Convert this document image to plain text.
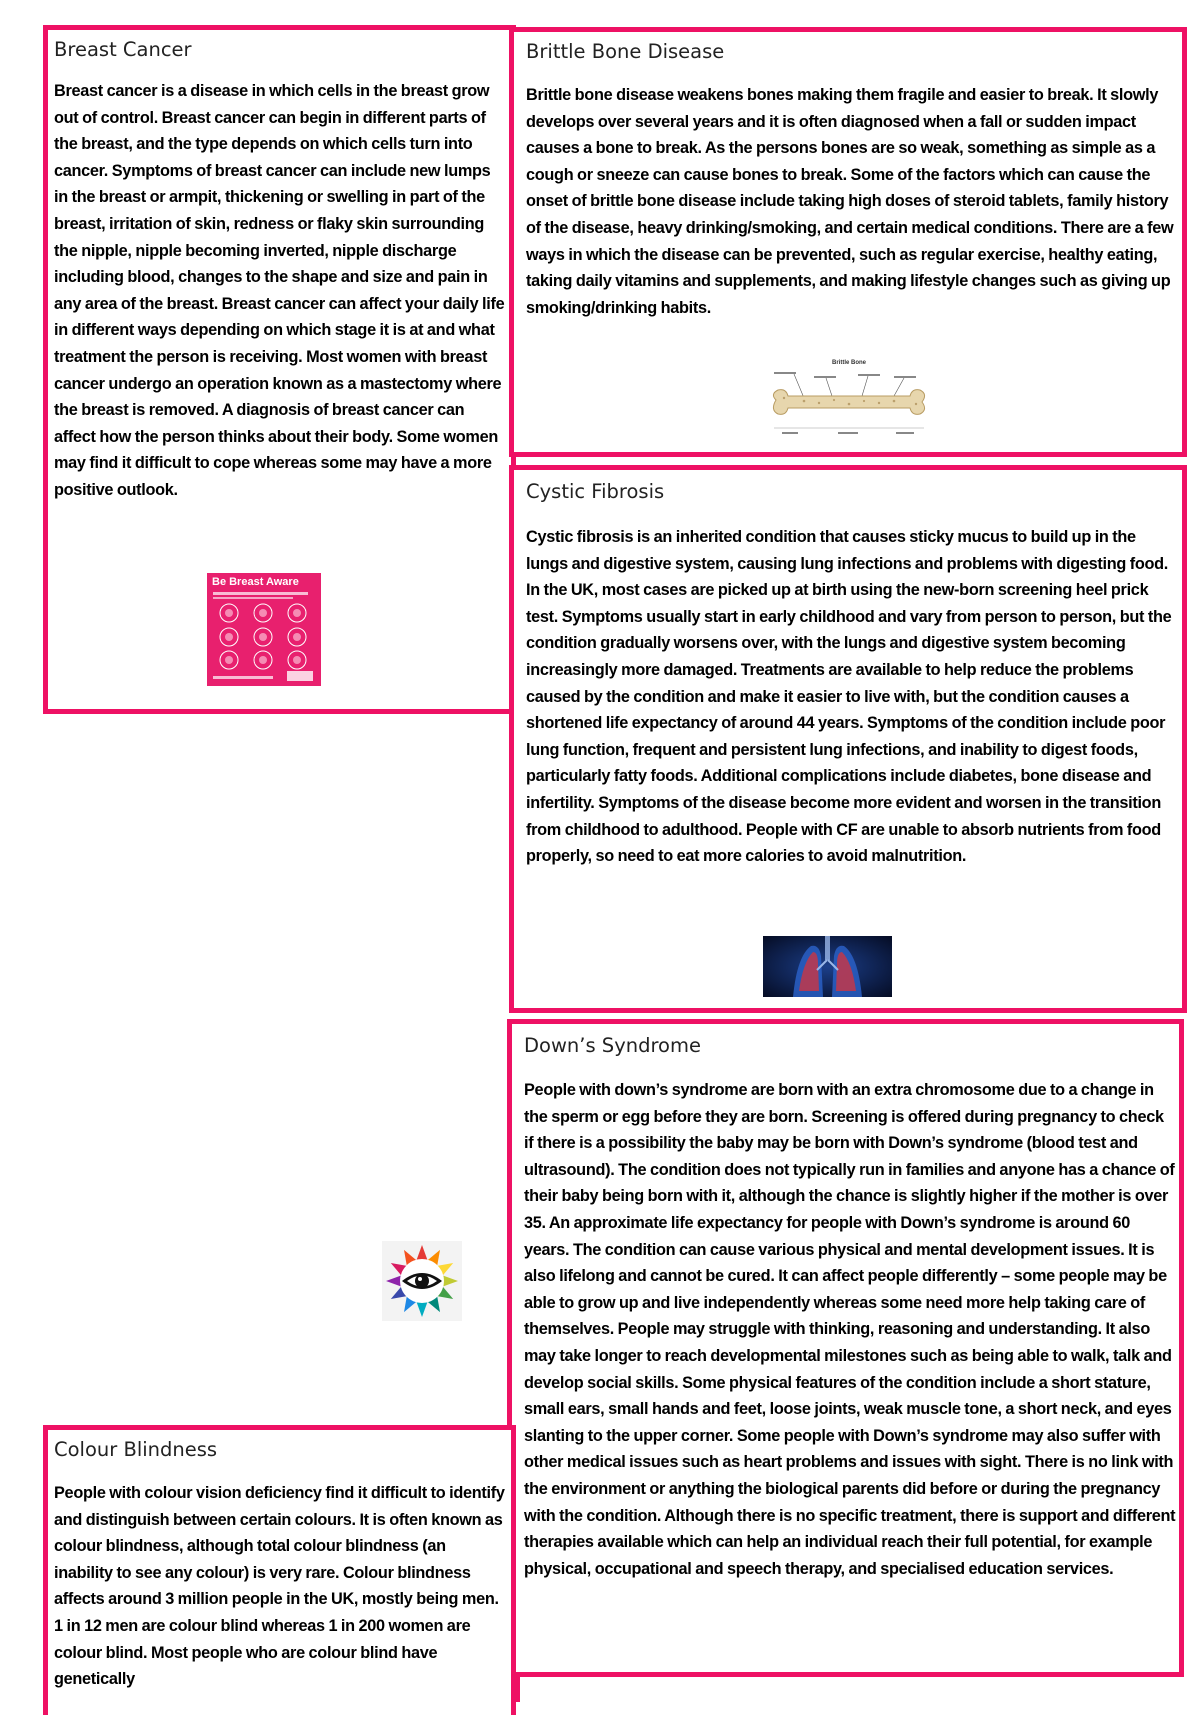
Breast Cancer

Breast cancer is a disease in which cells in the breast grow out of control. Breast cancer can begin in different parts of the breast, and the type depends on which cells turn into cancer. Symptoms of breast cancer can include new lumps in the breast or armpit, thickening or swelling in part of the breast, irritation of skin, redness or flaky skin surrounding the nipple, nipple becoming inverted, nipple discharge including blood, changes to the shape and size and pain in any area of the breast. Breast cancer can affect your daily life in different ways depending on which stage it is at and what treatment the person is receiving. Most women with breast cancer undergo an operation known as a mastectomy where the breast is removed. A diagnosis of breast cancer can affect how the person thinks about their body. Some women may find it difficult to cope whereas some may have a more positive outlook.

Brittle Bone Disease

Brittle bone disease weakens bones making them fragile and easier to break. It slowly develops over several years and it is often diagnosed when a fall or sudden impact causes a bone to break. As the persons bones are so weak, something as simple as a cough or sneeze can cause bones to break. Some of the factors which can cause the onset of brittle bone disease include taking high doses of steroid tablets, family history of the disease, heavy drinking/smoking, and certain medical conditions. There are a few ways in which the disease can be prevented, such as regular exercise, healthy eating, taking daily vitamins and supplements, and making lifestyle changes such as giving up smoking/drinking habits.

Cystic Fibrosis

Cystic fibrosis is an inherited condition that causes sticky mucus to build up in the lungs and digestive system, causing lung infections and problems with digesting food. In the UK, most cases are picked up at birth using the new-born screening heel prick test. Symptoms usually start in early childhood and vary from person to person, but the condition gradually worsens over, with the lungs and digestive system becoming increasingly more damaged. Treatments are available to help reduce the problems caused by the condition and make it easier to live with, but the condition causes a shortened life expectancy of around 44 years. Symptoms of the condition include poor lung function, frequent and persistent lung infections, and inability to digest foods, particularly fatty foods. Additional complications include diabetes, bone disease and infertility. Symptoms of the disease become more evident and worsen in the transition from childhood to adulthood. People with CF are unable to absorb nutrients from food properly, so need to eat more calories to avoid malnutrition.

Down’s Syndrome

People with down’s syndrome are born with an extra chromosome due to a change in the sperm or egg before they are born. Screening is offered during pregnancy to check if there is a possibility the baby may be born with Down’s syndrome (blood test and ultrasound). The condition does not typically run in families and anyone has a chance of their baby being born with it, although the chance is slightly higher if the mother is over 35. An approximate life expectancy for people with Down’s syndrome is around 60 years. The condition can cause various physical and mental development issues. It is also lifelong and cannot be cured. It can affect people differently – some people may be able to grow up and live independently whereas some need more help taking care of themselves. People may struggle with thinking, reasoning and understanding. It also may take longer to reach developmental milestones such as being able to walk, talk and develop social skills. Some physical features of the condition include a short stature, small ears, small hands and feet, loose joints, weak muscle tone, a short neck, and eyes slanting to the upper corner. Some people with Down’s syndrome may also suffer with other medical issues such as heart problems and issues with sight. There is no link with the environment or anything the biological parents did before or during the pregnancy with the condition. Although there is no specific treatment, there is support and different therapies available which can help an individual reach their full potential, for example physical, occupational and speech therapy, and specialised education services.

Colour Blindness

People with colour vision deficiency find it difficult to identify and distinguish between certain colours. It is often known as colour blindness, although total colour blindness (an inability to see any colour) is very rare. Colour blindness affects around 3 million people in the UK, mostly being men. 1 in 12 men are colour blind whereas 1 in 200 women are colour blind. Most people who are colour blind have genetically

Be Breast Aware
Brittle Bone
